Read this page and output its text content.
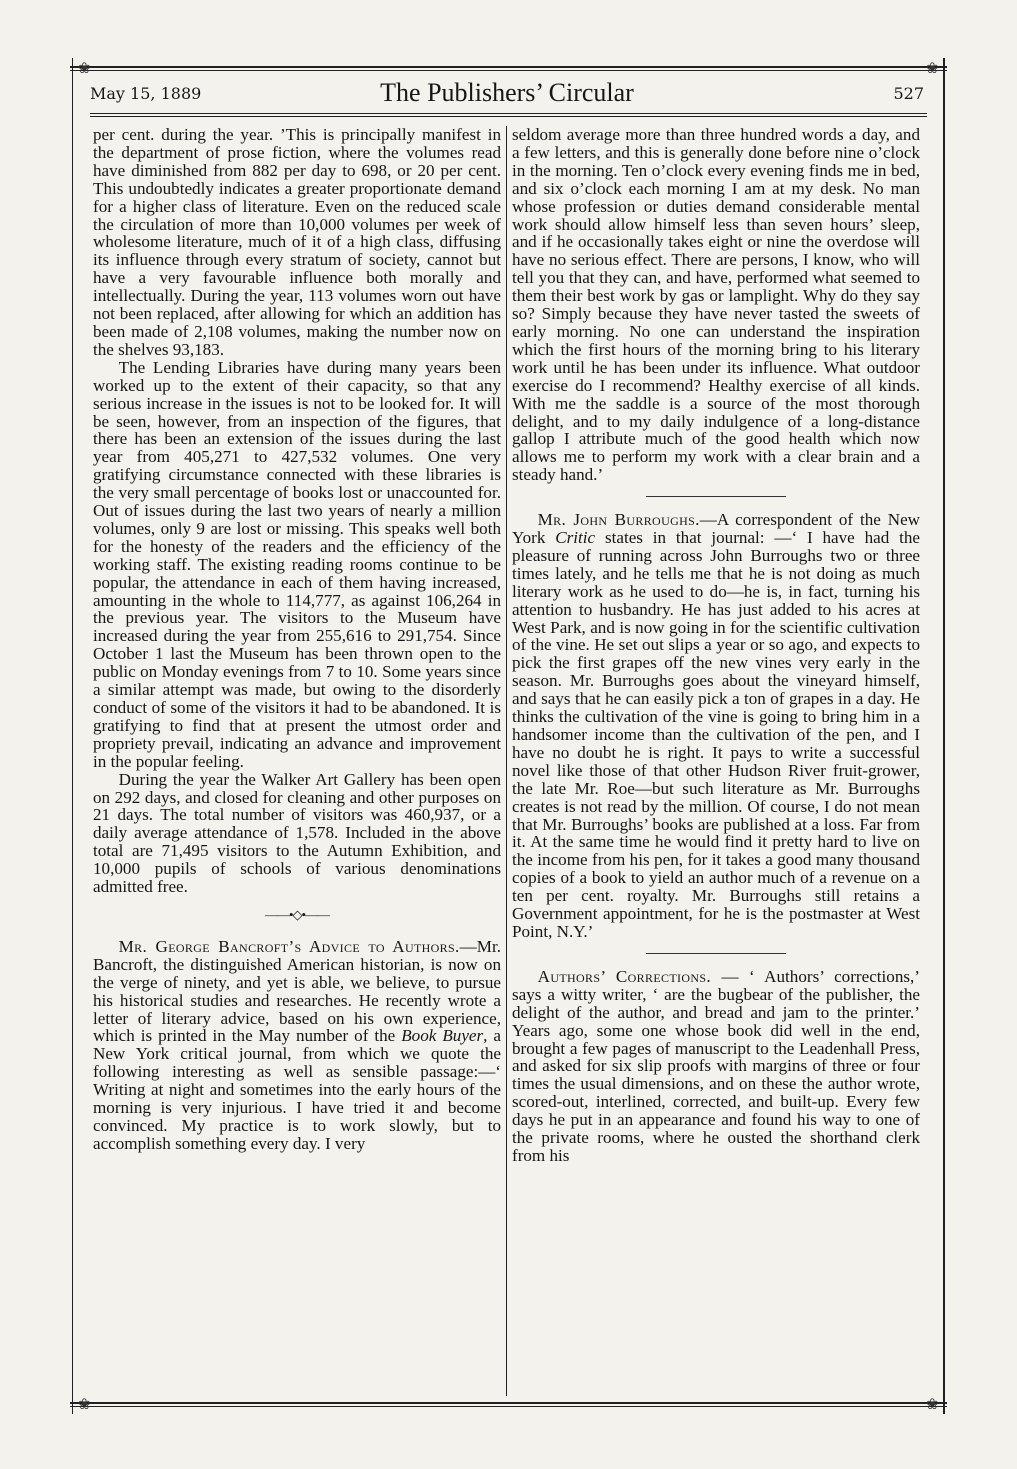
❀	❀
❀	❀
May 15, 1889	The Publishers’ Circular	527

per cent. during the year. ’This is principally manifest in the department of prose fiction, where the volumes read have diminished from 882 per day to 698, or 20 per cent. This undoubtedly indicates a greater proportionate demand for a higher class of literature. Even on the reduced scale the circulation of more than 10,000 volumes per week of wholesome literature, much of it of a high class, diffusing its influence through every stratum of society, cannot but have a very favourable influence both morally and intellectually. During the year, 113 volumes worn out have not been replaced, after allowing for which an addition has been made of 2,108 volumes, making the number now on the shelves 93,183.

The Lending Libraries have during many years been worked up to the extent of their capacity, so that any serious increase in the issues is not to be looked for. It will be seen, however, from an inspection of the figures, that there has been an extension of the issues during the last year from 405,271 to 427,532 volumes. One very gratifying circumstance connected with these libraries is the very small percentage of books lost or unaccounted for. Out of issues during the last two years of nearly a million volumes, only 9 are lost or missing. This speaks well both for the honesty of the readers and the efficiency of the working staff. The existing reading rooms continue to be popular, the attendance in each of them having increased, amounting in the whole to 114,777, as against 106,264 in the previous year. The visitors to the Museum have increased during the year from 255,616 to 291,754. Since October 1 last the Museum has been thrown open to the public on Monday evenings from 7 to 10. Some years since a similar attempt was made, but owing to the disorderly conduct of some of the visitors it had to be abandoned. It is gratifying to find that at present the utmost order and propriety prevail, indicating an advance and improvement in the popular feeling.

During the year the Walker Art Gallery has been open on 292 days, and closed for cleaning and other purposes on 21 days. The total number of visitors was 460,937, or a daily average attendance of 1,578. Included in the above total are 71,495 visitors to the Autumn Exhibition, and 10,000 pupils of schools of various denominations admitted free.

——•◇•——

Mr. George Bancroft’s Advice to Authors.—Mr. Bancroft, the distinguished American historian, is now on the verge of ninety, and yet is able, we believe, to pursue his historical studies and researches. He recently wrote a letter of literary advice, based on his own experience, which is printed in the May number of the Book Buyer, a New York critical journal, from which we quote the following interesting as well as sensible passage:—‘ Writing at night and sometimes into the early hours of the morning is very injurious. I have tried it and become convinced. My practice is to work slowly, but to accomplish something every day. I very

seldom average more than three hundred words a day, and a few letters, and this is generally done before nine o’clock in the morning. Ten o’clock every evening finds me in bed, and six o’clock each morning I am at my desk. No man whose profession or duties demand considerable mental work should allow himself less than seven hours’ sleep, and if he occasionally takes eight or nine the overdose will have no serious effect. There are persons, I know, who will tell you that they can, and have, performed what seemed to them their best work by gas or lamplight. Why do they say so? Simply because they have never tasted the sweets of early morning. No one can understand the inspiration which the first hours of the morning bring to his literary work until he has been under its influence. What outdoor exercise do I recommend? Healthy exercise of all kinds. With me the saddle is a source of the most thorough delight, and to my daily indulgence of a long-distance gallop I attribute much of the good health which now allows me to perform my work with a clear brain and a steady hand.’

Mr. John Burroughs.—A correspondent of the New York Critic states in that journal: —‘ I have had the pleasure of running across John Burroughs two or three times lately, and he tells me that he is not doing as much literary work as he used to do—he is, in fact, turning his attention to husbandry. He has just added to his acres at West Park, and is now going in for the scientific cultivation of the vine. He set out slips a year or so ago, and expects to pick the first grapes off the new vines very early in the season. Mr. Burroughs goes about the vineyard himself, and says that he can easily pick a ton of grapes in a day. He thinks the cultivation of the vine is going to bring him in a handsomer income than the cultivation of the pen, and I have no doubt he is right. It pays to write a successful novel like those of that other Hudson River fruit-grower, the late Mr. Roe—but such literature as Mr. Burroughs creates is not read by the million. Of course, I do not mean that Mr. Burroughs’ books are published at a loss. Far from it. At the same time he would find it pretty hard to live on the income from his pen, for it takes a good many thousand copies of a book to yield an author much of a revenue on a ten per cent. royalty. Mr. Burroughs still retains a Government appointment, for he is the postmaster at West Point, N.Y.’

Authors’ Corrections. — ‘ Authors’ corrections,’ says a witty writer, ‘ are the bugbear of the publisher, the delight of the author, and bread and jam to the printer.’ Years ago, some one whose book did well in the end, brought a few pages of manuscript to the Leadenhall Press, and asked for six slip proofs with margins of three or four times the usual dimensions, and on these the author wrote, scored-out, interlined, corrected, and built-up. Every few days he put in an appearance and found his way to one of the private rooms, where he ousted the shorthand clerk from his
